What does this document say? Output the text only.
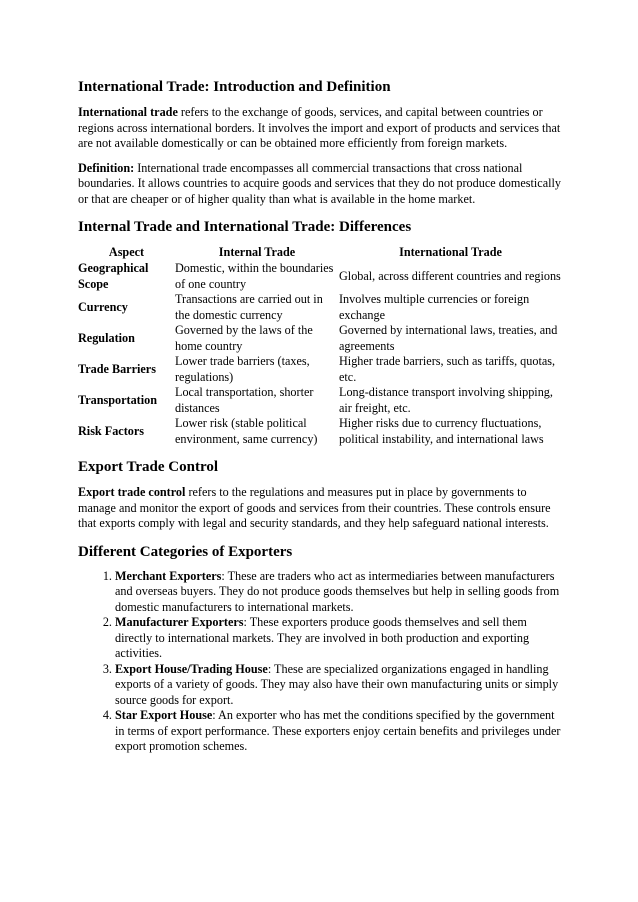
International Trade: Introduction and Definition

International trade refers to the exchange of goods, services, and capital between countries or regions across international borders. It involves the import and export of products and services that are not available domestically or can be obtained more efficiently from foreign markets.

Definition: International trade encompasses all commercial transactions that cross national boundaries. It allows countries to acquire goods and services that they do not produce domestically or that are cheaper or of higher quality than what is available in the home market.

Internal Trade and International Trade: Differences
Aspect	Internal Trade	International Trade
Geographical Scope	Domestic, within the boundaries of one country	Global, across different countries and regions
Currency	Transactions are carried out in the domestic currency	Involves multiple currencies or foreign exchange
Regulation	Governed by the laws of the home country	Governed by international laws, treaties, and agreements
Trade Barriers	Lower trade barriers (taxes, regulations)	Higher trade barriers, such as tariffs, quotas, etc.
Transportation	Local transportation, shorter distances	Long-distance transport involving shipping, air freight, etc.
Risk Factors	Lower risk (stable political environment, same currency)	Higher risks due to currency fluctuations, political instability, and international laws
Export Trade Control

Export trade control refers to the regulations and measures put in place by governments to manage and monitor the export of goods and services from their countries. These controls ensure that exports comply with legal and security standards, and they help safeguard national interests.

Different Categories of Exporters
1. Merchant Exporters: These are traders who act as intermediaries between manufacturers and overseas buyers. They do not produce goods themselves but help in selling goods from domestic manufacturers to international markets.
2. Manufacturer Exporters: These exporters produce goods themselves and sell them directly to international markets. They are involved in both production and exporting activities.
3. Export House/Trading House: These are specialized organizations engaged in handling exports of a variety of goods. They may also have their own manufacturing units or simply source goods for export.
4. Star Export House: An exporter who has met the conditions specified by the government in terms of export performance. These exporters enjoy certain benefits and privileges under export promotion schemes.
